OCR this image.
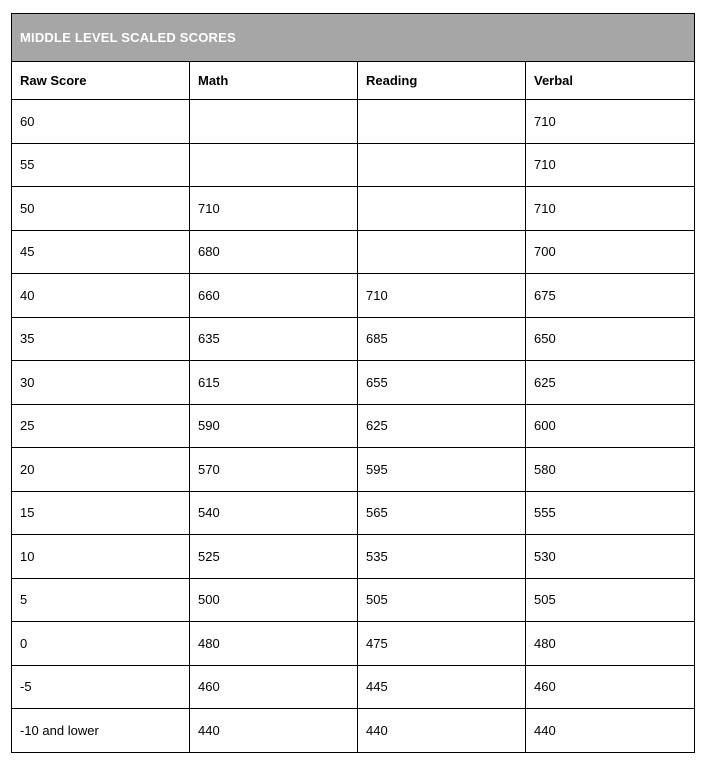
MIDDLE LEVEL SCALED SCORES			
Raw Score	Math	Reading	Verbal
60			710
55			710
50	710		710
45	680		700
40	660	710	675
35	635	685	650
30	615	655	625
25	590	625	600
20	570	595	580
15	540	565	555
10	525	535	530
5	500	505	505
0	480	475	480
-5	460	445	460
-10 and lower	440	440	440
